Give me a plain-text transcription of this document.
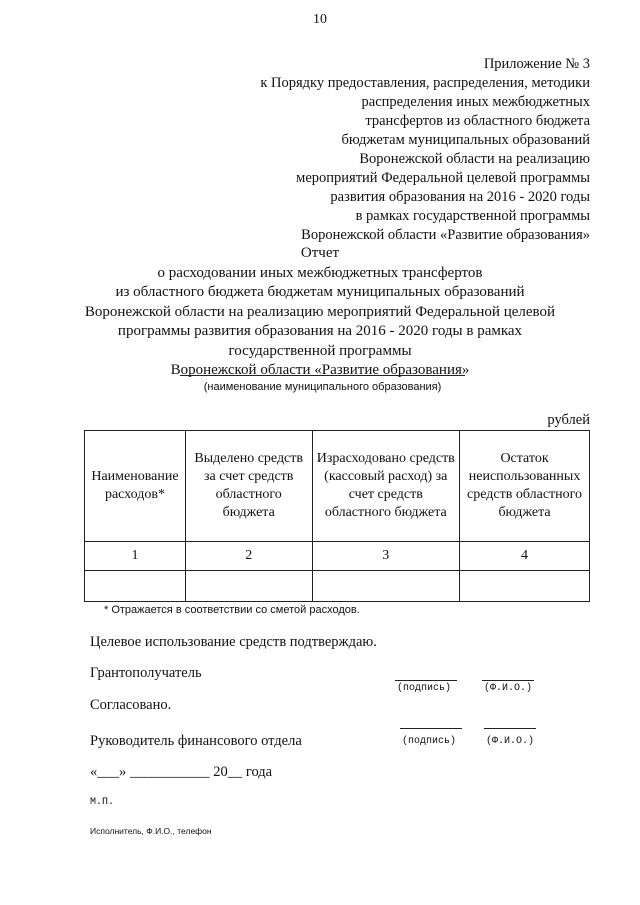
10
Приложение № 3
к Порядку предоставления, распределения, методики
распределения иных межбюджетных
трансфертов из областного бюджета
бюджетам муниципальных образований
Воронежской области на реализацию
мероприятий Федеральной целевой программы
развития образования на 2016 - 2020 годы
в рамках государственной программы
Воронежской области «Развитие образования»
Отчет
о расходовании иных межбюджетных трансфертов
из областного бюджета бюджетам муниципальных образований
Воронежской области на реализацию мероприятий Федеральной целевой
программы развития образования на 2016 - 2020 годы в рамках
государственной программы
Воронежской области «Развитие образования»
(наименование муниципального образования)
рублей
Наименование расходов*	Выделено средств за счет средств областного бюджета	Израсходовано средств (кассовый расход) за счет средств областного бюджета	Остаток неиспользованных средств областного бюджета
1	2	3	4

* Отражается в соответствии со сметой расходов.
Целевое использование средств подтверждаю.
Грантополучатель
(подпись)	(Ф.И.О.)
Согласовано.
Руководитель финансового отдела	(подпись)	(Ф.И.О.)
«___» ___________ 20__ года
М.П.
Исполнитель, Ф.И.О., телефон
